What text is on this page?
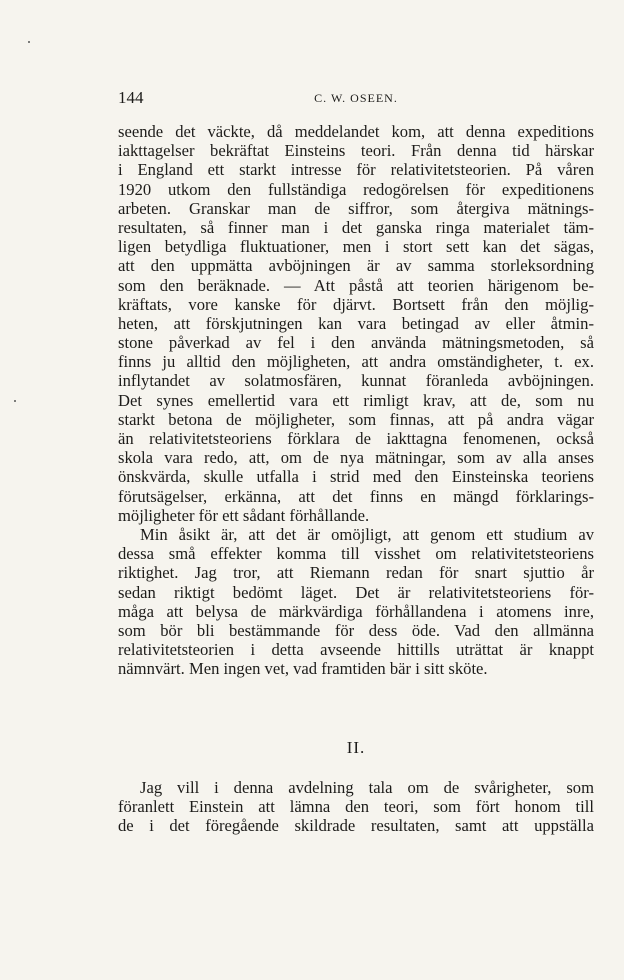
144	C. W. OSEEN.
seende det väckte, då meddelandet kom, att denna expeditions
iakttagelser bekräftat Einsteins teori. Från denna tid härskar
i England ett starkt intresse för relativitetsteorien. På våren
1920 utkom den fullständiga redogörelsen för expeditionens
arbeten. Granskar man de siffror, som återgiva mätnings-
resultaten, så finner man i det ganska ringa materialet täm-
ligen betydliga fluktuationer, men i stort sett kan det sägas,
att den uppmätta avböjningen är av samma storleksordning
som den beräknade. — Att påstå att teorien härigenom be-
kräftats, vore kanske för djärvt. Bortsett från den möjlig-
heten, att förskjutningen kan vara betingad av eller åtmin-
stone påverkad av fel i den använda mätningsmetoden, så
finns ju alltid den möjligheten, att andra omständigheter, t. ex.
inflytandet av solatmosfären, kunnat föranleda avböjningen.
Det synes emellertid vara ett rimligt krav, att de, som nu
starkt betona de möjligheter, som finnas, att på andra vägar
än relativitetsteoriens förklara de iakttagna fenomenen, också
skola vara redo, att, om de nya mätningar, som av alla anses
önskvärda, skulle utfalla i strid med den Einsteinska teoriens
förutsägelser, erkänna, att det finns en mängd förklarings-
möjligheter för ett sådant förhållande.
Min åsikt är, att det är omöjligt, att genom ett studium av
dessa små effekter komma till visshet om relativitetsteoriens
riktighet. Jag tror, att Riemann redan för snart sjuttio år
sedan riktigt bedömt läget. Det är relativitetsteoriens för-
måga att belysa de märkvärdiga förhållandena i atomens inre,
som bör bli bestämmande för dess öde. Vad den allmänna
relativitetsteorien i detta avseende hittills uträttat är knappt
nämnvärt. Men ingen vet, vad framtiden bär i sitt sköte.
II.
Jag vill i denna avdelning tala om de svårigheter, som
föranlett Einstein att lämna den teori, som fört honom till
de i det föregående skildrade resultaten, samt att uppställa
